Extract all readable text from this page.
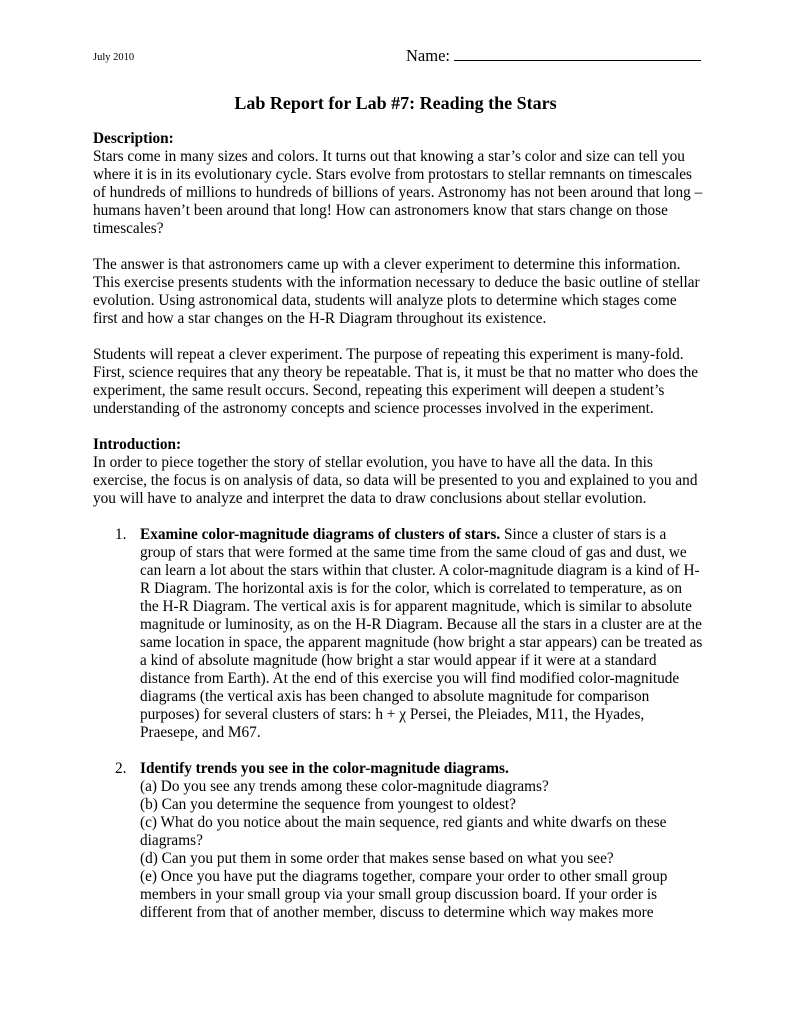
July 2010	Name:
Lab Report for Lab #7: Reading the Stars

Description:

Stars come in many sizes and colors. It turns out that knowing a star’s color and size can tell you where it is in its evolutionary cycle. Stars evolve from protostars to stellar remnants on timescales of hundreds of millions to hundreds of billions of years. Astronomy has not been around that long – humans haven’t been around that long! How can astronomers know that stars change on those timescales?

The answer is that astronomers came up with a clever experiment to determine this information. This exercise presents students with the information necessary to deduce the basic outline of stellar evolution. Using astronomical data, students will analyze plots to determine which stages come first and how a star changes on the H-R Diagram throughout its existence.

Students will repeat a clever experiment. The purpose of repeating this experiment is many-fold. First, science requires that any theory be repeatable. That is, it must be that no matter who does the experiment, the same result occurs. Second, repeating this experiment will deepen a student’s understanding of the astronomy concepts and science processes involved in the experiment.

Introduction:

In order to piece together the story of stellar evolution, you have to have all the data. In this exercise, the focus is on analysis of data, so data will be presented to you and explained to you and you will have to analyze and interpret the data to draw conclusions about stellar evolution.

1. Examine color-magnitude diagrams of clusters of stars. Since a cluster of stars is a group of stars that were formed at the same time from the same cloud of gas and dust, we can learn a lot about the stars within that cluster. A color-magnitude diagram is a kind of H-R Diagram. The horizontal axis is for the color, which is correlated to temperature, as on the H-R Diagram. The vertical axis is for apparent magnitude, which is similar to absolute magnitude or luminosity, as on the H-R Diagram. Because all the stars in a cluster are at the same location in space, the apparent magnitude (how bright a star appears) can be treated as a kind of absolute magnitude (how bright a star would appear if it were at a standard distance from Earth). At the end of this exercise you will find modified color-magnitude diagrams (the vertical axis has been changed to absolute magnitude for comparison purposes) for several clusters of stars: h + χ Persei, the Pleiades, M11, the Hyades, Praesepe, and M67.

2. Identify trends you see in the color-magnitude diagrams.

(a) Do you see any trends among these color-magnitude diagrams?

(b) Can you determine the sequence from youngest to oldest?

(c) What do you notice about the main sequence, red giants and white dwarfs on these diagrams?

(d) Can you put them in some order that makes sense based on what you see?

(e) Once you have put the diagrams together, compare your order to other small group members in your small group via your small group discussion board. If your order is different from that of another member, discuss to determine which way makes more
